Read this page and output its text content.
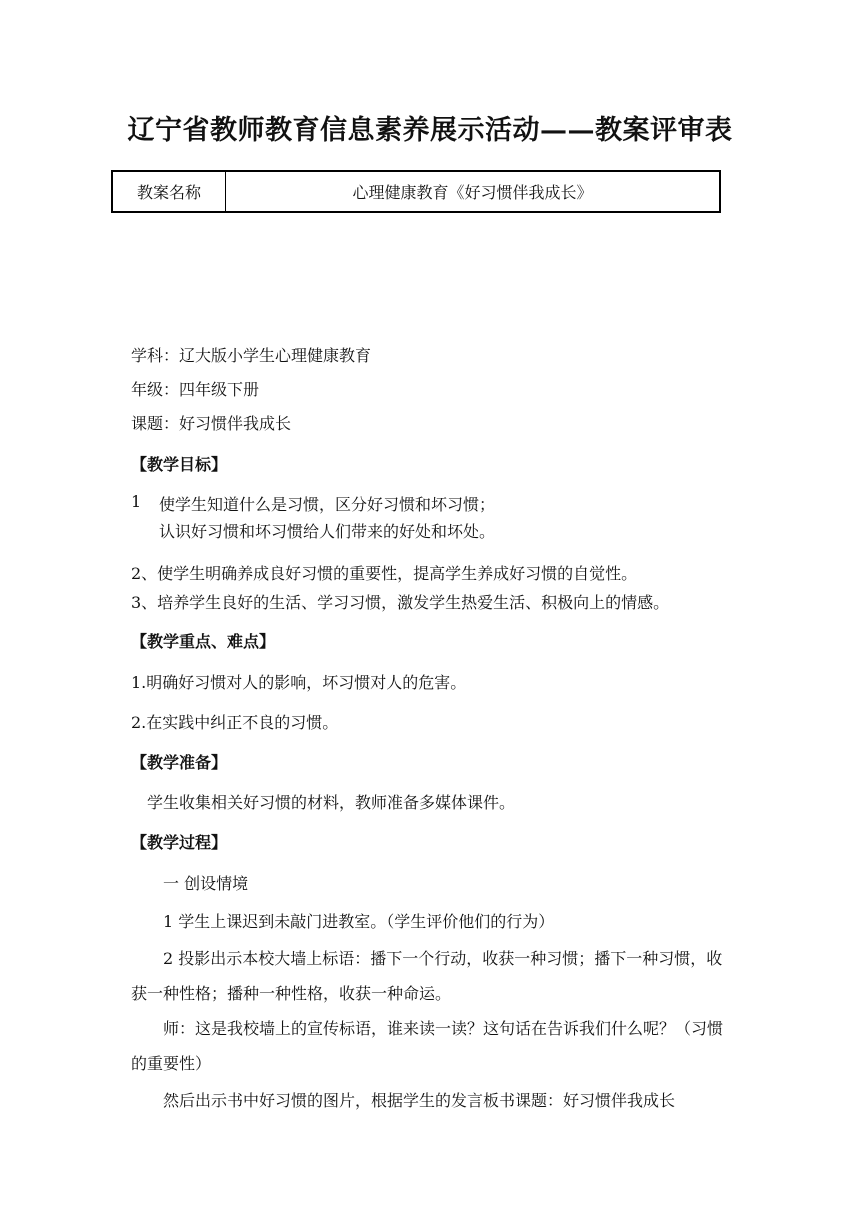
辽宁省教师教育信息素养展示活动——教案评审表
教案名称	心理健康教育《好习惯伴我成长》
学科：辽大版小学生心理健康教育
年级：四年级下册
课题：好习惯伴我成长
【教学目标】
1 使学生知道什么是习惯，区分好习惯和坏习惯；
认识好习惯和坏习惯给人们带来的好处和坏处。
2、使学生明确养成良好习惯的重要性，提高学生养成好习惯的自觉性。
3、培养学生良好的生活、学习习惯，激发学生热爱生活、积极向上的情感。
【教学重点、难点】
1.明确好习惯对人的影响，坏习惯对人的危害。
2.在实践中纠正不良的习惯。
【教学准备】
学生收集相关好习惯的材料，教师准备多媒体课件。
【教学过程】
一 创设情境
1 学生上课迟到未敲门进教室。（学生评价他们的行为）
2 投影出示本校大墙上标语：播下一个行动，收获一种习惯；播下一种习惯，收获一种性格；播种一种性格，收获一种命运。
师：这是我校墙上的宣传标语，谁来读一读？这句话在告诉我们什么呢？（习惯的重要性）
然后出示书中好习惯的图片，根据学生的发言板书课题：好习惯伴我成长
